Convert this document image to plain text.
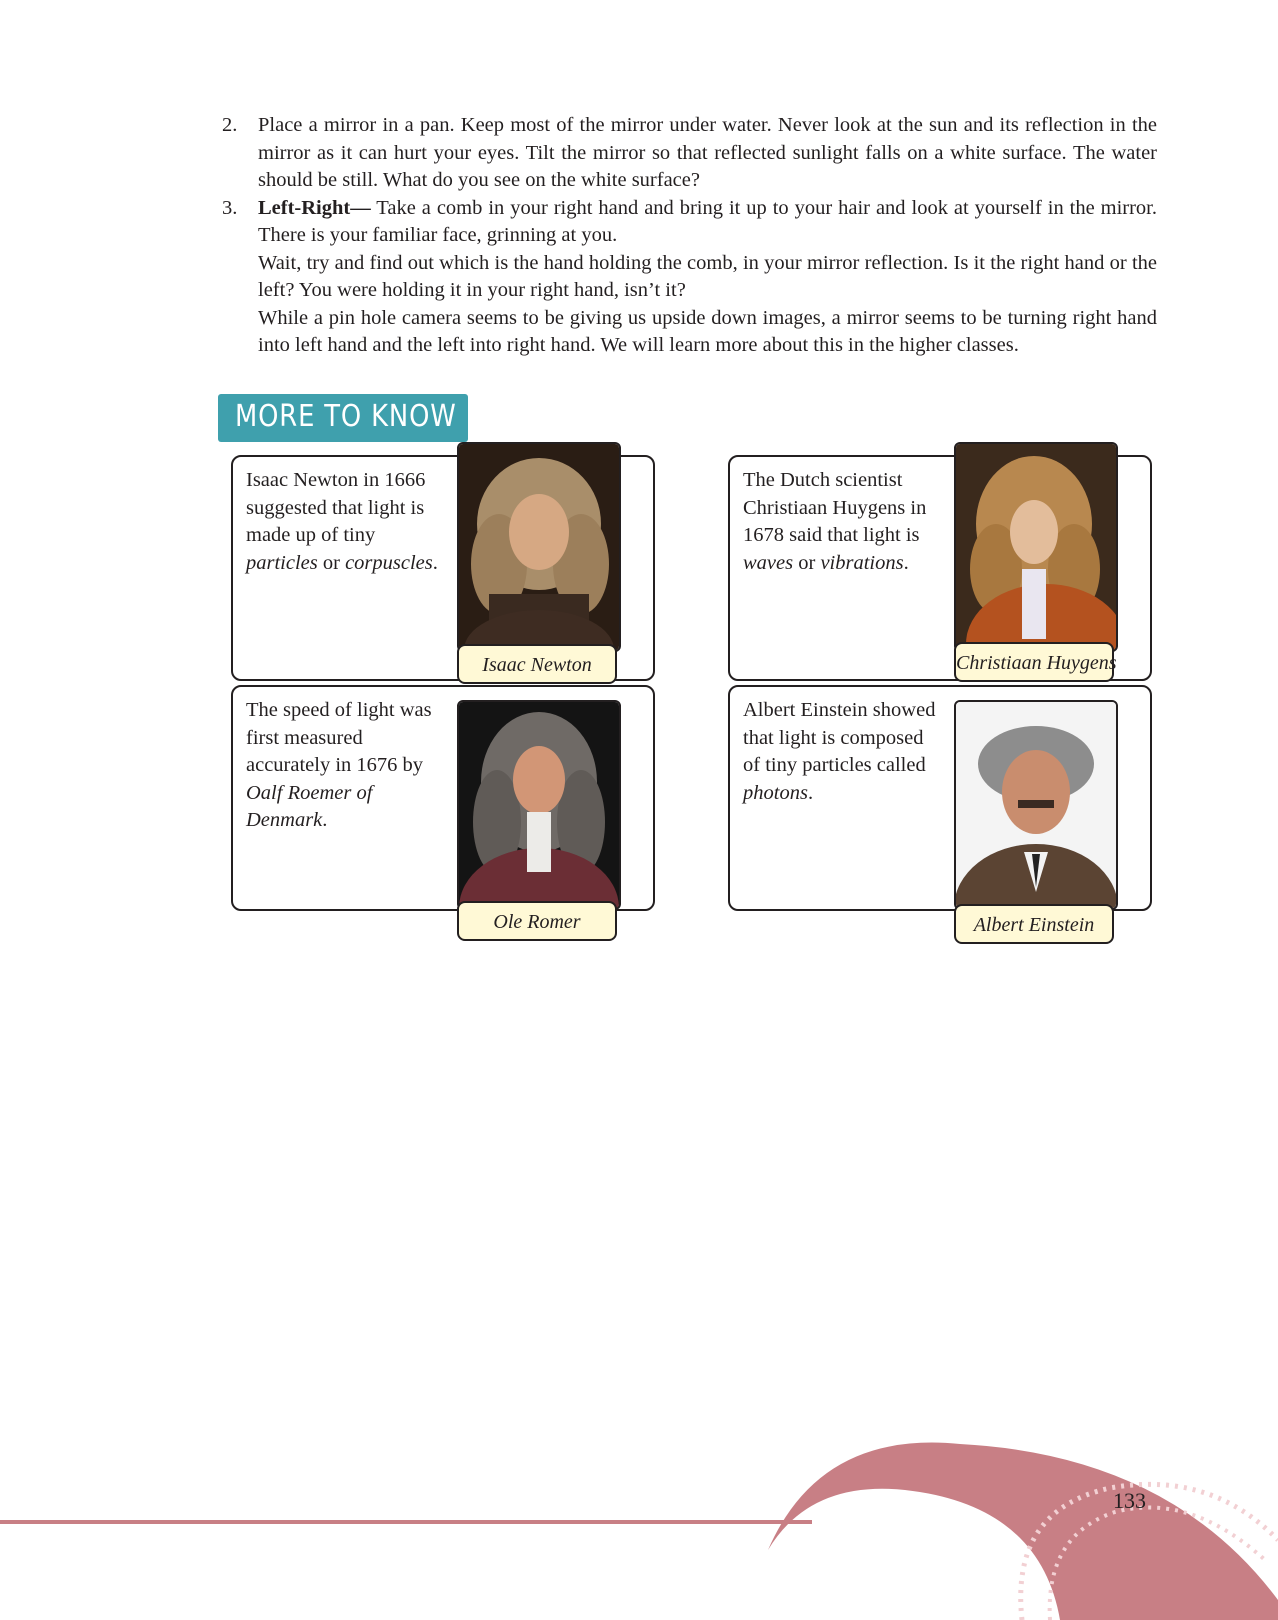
2. Place a mirror in a pan. Keep most of the mirror under water. Never look at the sun and its reflection in the mirror as it can hurt your eyes. Tilt the mirror so that reflected sunlight falls on a white surface. The water should be still. What do you see on the white surface?

3. Left-Right— Take a comb in your right hand and bring it up to your hair and look at yourself in the mirror. There is your familiar face, grinning at you.

Wait, try and find out which is the hand holding the comb, in your mirror reflection. Is it the right hand or the left? You were holding it in your right hand, isn’t it?

While a pin hole camera seems to be giving us upside down images, a mirror seems to be turning right hand into left hand and the left into right hand. We will learn more about this in the higher classes.

MORE TO KNOW
Isaac Newton in 1666 suggested that light is made up of tiny particles or corpuscles.
Isaac Newton
The Dutch scientist Christiaan Huygens in 1678 said that light is waves or vibrations.
Christiaan Huygens
The speed of light was first measured accurately in 1676 by Oalf Roemer of Denmark.
Ole Romer
Albert Einstein showed that light is composed of tiny particles called photons.
Albert Einstein
133
